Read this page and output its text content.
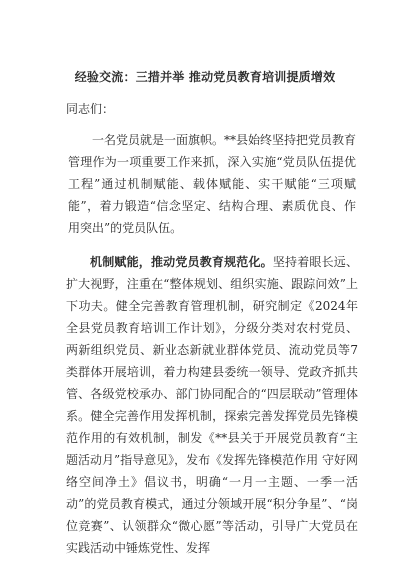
经验交流：三措并举 推动党员教育培训提质增效
同志们：

一名党员就是一面旗帜。**县始终坚持把党员教育管理作为一项重要工作来抓，深入实施“党员队伍提优工程”通过机制赋能、载体赋能、实干赋能“三项赋能”，着力锻造“信念坚定、结构合理、素质优良、作用突出”的党员队伍。

机制赋能，推动党员教育规范化。坚持着眼长远、扩大视野，注重在“整体规划、组织实施、跟踪问效”上下功夫。健全完善教育管理机制，研究制定《2024年全县党员教育培训工作计划》，分级分类对农村党员、两新组织党员、新业态新就业群体党员、流动党员等7类群体开展培训，着力构建县委统一领导、党政齐抓共管、各级党校承办、部门协同配合的“四层联动”管理体系。健全完善作用发挥机制，探索完善发挥党员先锋模范作用的有效机制，制发《**县关于开展党员教育“主题活动月”指导意见》，发布《发挥先锋模范作用 守好网络空间净土》倡议书，明确“一月一主题、一季一活动”的党员教育模式，通过分领域开展“积分争星”、“岗位竞赛”、认领群众“微心愿”等活动，引导广大党员在实践活动中锤炼党性、发挥
